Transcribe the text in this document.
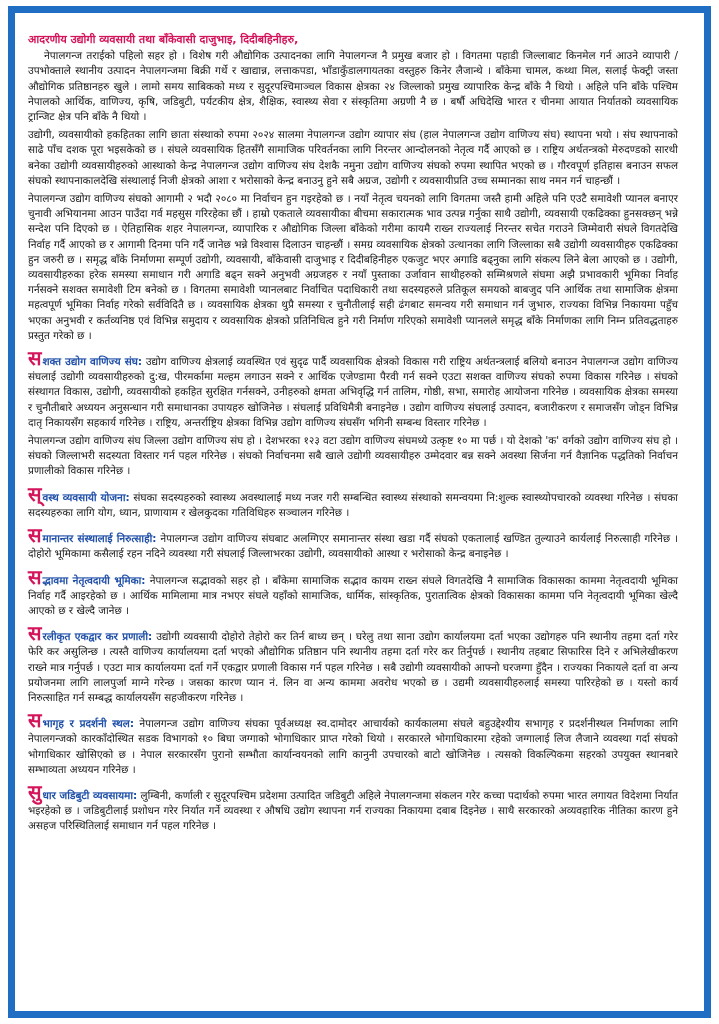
आदरणीय उद्योगी व्यवसायी तथा बाँकेवासी दाजुभाइ, दिदीबहिनीहरु,

नेपालगन्ज तराईको पहिलो सहर हो । विशेष गरी औद्योगिक उत्पादनका लागि नेपालगन्ज नै प्रमुख बजार हो । विगतमा पहाडी जिल्लाबाट किनमेल गर्न आउने व्यापारी / उपभोक्ताले स्थानीय उत्पादन नेपालगन्जमा बिक्री गर्थे र खाद्यान्न, लत्ताकपडा, भाँडाकुँडालगायतका वस्तुहरु किनेर लैजान्थे । बाँकेमा चामल, कथ्था मिल, सलाई फेक्ट्री जस्ता औद्योगिक प्रतिष्ठानहरु खुले । लामो समय साबिकको मध्य र सुदूरपश्चिमाञ्चल विकास क्षेत्रका २४ जिल्लाको प्रमुख व्यापारिक केन्द्र बाँके नै थियो । अहिले पनि बाँके पश्चिम नेपालको आर्थिक, वाणिज्य, कृषि, जडिबुटी, पर्यटकीय क्षेत्र, शैक्षिक, स्वास्थ्य सेवा र संस्कृतिमा अग्रणी नै छ । बर्षौ अघिदेखि भारत र चीनमा आयात निर्यातको व्यवसायिक ट्रान्जिट क्षेत्र पनि बाँके नै थियो ।

उद्योगी, व्यवसायीको हकहितका लागि छाता संस्थाको रुपमा २०२४ सालमा नेपालगन्ज उद्योग व्यापार संघ (हाल नेपालगन्ज उद्योग वाणिज्य संघ) स्थापना भयो । संघ स्थापनाको साढे पाँच दशक पूरा भइसकेको छ । संघले व्यवसायिक हितसँगै सामाजिक परिवर्तनका लागि निरन्तर आन्दोलनको नेतृत्व गर्दै आएको छ । राष्ट्रिय अर्थतन्त्रको मेरुदण्डको सारथी बनेका उद्योगी व्यवसायीहरुको आस्थाको केन्द्र नेपालगन्ज उद्योग वाणिज्य संघ देशकै नमुना उद्योग वाणिज्य संघको रुपमा स्थापित भएको छ । गौरवपूर्ण इतिहास बनाउन सफल संघको स्थापनाकालदेखि संस्थालाई निजी क्षेत्रको आशा र भरोसाको केन्द्र बनाउनु हुने सबै अग्रज, उद्योगी र व्यवसायीप्रति उच्च सम्मानका साथ नमन गर्न चाहन्छौं ।

नेपालगन्ज उद्योग वाणिज्य संघको आगामी २ भदौ २०८० मा निर्वाचन हुन गइरहेको छ । नयाँ नेतृत्व चयनको लागि विगतमा जस्तै हामी अहिले पनि एउटै समावेशी प्यानल बनाएर चुनावी अभियानमा आउन पाउँदा गर्व महसुस गरिरहेका छौं । हाम्रो एकताले व्यवसायीका बीचमा सकारात्मक भाव उत्पन्न गर्नुका साथै उद्योगी, व्यवसायी एकढिक्का हुनसक्छन् भन्ने सन्देश पनि दिएको छ । ऐतिहासिक शहर नेपालगन्ज, व्यापारिक र औद्योगिक जिल्ला बाँकेको गरीमा कायमै राख्न राज्यलाई निरन्तर सचेत गराउने जिम्मेवारी संघले विगतदेखि निर्वाह गर्दै आएको छ र आगामी दिनमा पनि गर्दै जानेछ भन्ने विश्वास दिलाउन चाहन्छौं । समग्र व्यवसायिक क्षेत्रको उत्थानका लागि जिल्लाका सबै उद्योगी व्यवसायीहरु एकढिक्का हुन जरुरी छ । समृद्ध बाँके निर्माणमा सम्पूर्ण उद्योगी, व्यवसायी, बाँकेवासी दाजुभाइ र दिदीबहिनीहरु एकजुट भएर अगाडि बढ्नुका लागि संकल्प लिने बेला आएको छ । उद्योगी, व्यवसायीहरुका हरेक समस्या समाधान गरी अगाडि बढ्न सक्ने अनुभवी अग्रजहरु र नयाँ पुस्ताका उर्जावान साथीहरुको सम्मिश्रणले संघमा अझै प्रभावकारी भूमिका निर्वाह गर्नसक्ने सशक्त समावेशी टिम बनेको छ । विगतमा समावेशी प्यानलबाट निर्वाचित पदाधिकारी तथा सदस्यहरुले प्रतिकूल समयको बाबजुद पनि आर्थिक तथा सामाजिक क्षेत्रमा महत्वपूर्ण भूमिका निर्वाह गरेको सर्वविदितै छ । व्यवसायिक क्षेत्रका थुप्रै समस्या र चुनौतीलाई सही ढंगबाट समन्वय गरी समाधान गर्न जुभारु, राज्यका विभिन्न निकायमा पहुँच भएका अनुभवी र कर्तव्यनिष्ठ एवं विभिन्न समुदाय र व्यवसायिक क्षेत्रको प्रतिनिधित्व हुने गरी निर्माण गरिएको समावेशी प्यानलले समृद्ध बाँके निर्माणका लागि निम्न प्रतिवद्धताहरु प्रस्तुत गरेको छ ।

सशक्त उद्योग वाणिज्य संघ: उद्योग वाणिज्य क्षेत्रलाई व्यवस्थित एवं सुदृढ पार्दै व्यवसायिक क्षेत्रको विकास गरी राष्ट्रिय अर्थतन्त्रलाई बलियो बनाउन नेपालगन्ज उद्योग वाणिज्य संघलाई उद्योगी व्यवसायीहरुको दु:ख, पीरमर्कामा मल्हम लगाउन सक्ने र आर्थिक एजेण्डामा पैरवी गर्न सक्ने एउटा सशक्त वाणिज्य संघको रुपमा विकास गरिनेछ । संघको संस्थागत विकास, उद्योगी, व्यवसायीको हकहित सुरक्षित गर्नसक्ने, उनीहरुको क्षमता अभिवृद्धि गर्न तालिम, गोष्ठी, सभा, समारोह आयोजना गरिनेछ । व्यवसायिक क्षेत्रका समस्या र चुनौतीबारे अध्ययन अनुसन्धान गरी समाधानका उपायहरु खोजिनेछ । संघलाई प्रविधिमैत्री बनाइनेछ । उद्योग वाणिज्य संघलाई उत्पादन, बजारीकरण र समाजसँग जोड्न विभिन्न दातृ निकायसँग सहकार्य गरिनेछ । राष्ट्रिय, अन्तर्राष्ट्रिय क्षेत्रका विभिन्न उद्योग वाणिज्य संघसँग भगिनी सम्बन्ध विस्तार गरिनेछ ।

नेपालगन्ज उद्योग वाणिज्य संघ जिल्ला उद्योग वाणिज्य संघ हो । देशभरका १२३ वटा उद्योग वाणिज्य संघमध्ये उत्कृष्ट १० मा पर्छ । यो देशको 'क' वर्गको उद्योग वाणिज्य संघ हो । संघको जिल्लाभरी सदस्यता विस्तार गर्न पहल गरिनेछ । संघको निर्वाचनमा सबै खाले उद्योगी व्यवसायीहरु उम्मेदवार बन्न सक्ने अवस्था सिर्जना गर्न वैज्ञानिक पद्धतिको निर्वाचन प्रणालीको विकास गरिनेछ ।

स्वस्थ व्यवसायी योजना: संघका सदस्यहरुको स्वास्थ्य अवस्थालाई मध्य नजर गरी सम्बन्धित स्वास्थ्य संस्थाको समन्वयमा नि:शुल्क स्वास्थ्योपचारको व्यवस्था गरिनेछ । संघका सदस्यहरुका लागि योग, ध्यान, प्राणायाम र खेलकुदका गतिविधिहरु सञ्चालन गरिनेछ ।
समानान्तर संस्थालाई निरुत्साही: नेपालगन्ज उद्योग वाणिज्य संघबाट अलग्गिएर समानान्तर संस्था खडा गर्दै संघको एकतालाई खण्डित तुल्याउने कार्यलाई निरुत्साही गरिनेछ । दोहोरो भूमिकामा कसैलाई रहन नदिने व्यवस्था गरी संघलाई जिल्लाभरका उद्योगी, व्यवसायीको आस्था र भरोसाको केन्द्र बनाइनेछ ।
सद्भावमा नेतृत्वदायी भूमिका: नेपालगन्ज सद्भावको सहर हो । बाँकेमा सामाजिक सद्भाव कायम राख्न संघले विगतदेखि नै सामाजिक विकासका काममा नेतृत्वदायी भूमिका निर्वाह गर्दै आइरहेको छ । आर्थिक मामिलामा मात्र नभएर संघले यहाँको सामाजिक, धार्मिक, सांस्कृतिक, पुरातात्विक क्षेत्रको विकासका काममा पनि नेतृत्वदायी भूमिका खेल्दै आएको छ र खेल्दै जानेछ ।
सरलीकृत एकद्वार कर प्रणाली: उद्योगी व्यवसायी दोहोरो तेहोरो कर तिर्न बाध्य छन् । घरेलु तथा साना उद्योग कार्यालयमा दर्ता भएका उद्योगहरु पनि स्थानीय तहमा दर्ता गरेर फेरि कर असुलिन्छ । त्यस्तै वाणिज्य कार्यालयमा दर्ता भएको औद्योगिक प्रतिष्ठान पनि स्थानीय तहमा दर्ता गरेर कर तिर्नुपर्छ । स्थानीय तहबाट सिफारिस दिने र अभिलेखीकरण राख्ने मात्र गर्नुपर्छ । एउटा मात्र कार्यालयमा दर्ता गर्ने एकद्वार प्रणाली विकास गर्न पहल गरिनेछ । सबै उद्योगी व्यवसायीको आफ्नो घरजग्गा हुँदैन । राज्यका निकायले दर्ता वा अन्य प्रयोजनमा लागि लालपुर्जा माग्ने गरेन्छ । जसका कारण प्यान नं. लिन वा अन्य काममा अवरोध भएको छ । उद्यमी व्यवसायीहरुलाई समस्या पारिरहेको छ । यस्तो कार्य निरुत्साहित गर्न सम्बद्ध कार्यालयसँग सहजीकरण गरिनेछ ।
सभागृह र प्रदर्शनी स्थल: नेपालगन्ज उद्योग वाणिज्य संघका पूर्वअध्यक्ष स्व.दामोदर आचार्यको कार्यकालमा संघले बहुउद्देश्यीय सभागृह र प्रदर्शनीस्थल निर्माणका लागि नेपालगन्जको कारकाँदोस्थित सडक विभागको १० बिघा जग्गाको भोगाधिकार प्राप्त गरेको थियो । सरकारले भोगाधिकारमा रहेको जग्गालाई लिज लैजाने व्यवस्था गर्दा संघको भोगाधिकार खोसिएको छ । नेपाल सरकारसँग पुरानो सम्भौता कार्यान्वयनको लागि कानुनी उपचारको बाटो खोजिनेछ । त्यसको विकल्पिकमा सहरको उपयुक्त स्थानबारे सम्भाव्यता अध्ययन गरिनेछ ।
सुधार जडिबुटी व्यवसायमा: लुम्बिनी, कर्णाली र सुदूरपश्चिम प्रदेशमा उत्पादित जडिबुटी अहिले नेपालगन्जमा संकलन गरेर कच्चा पदार्थको रुपमा भारत लगायत विदेशमा निर्यात भइरहेको छ । जडिबुटीलाई प्रशोधन गरेर निर्यात गर्ने व्यवस्था र औषधि उद्योग स्थापना गर्न राज्यका निकायमा दबाब दिइनेछ । साथै सरकारको अव्यवहारिक नीतिका कारण हुने असहज परिस्थितिलाई समाधान गर्न पहल गरिनेछ ।
